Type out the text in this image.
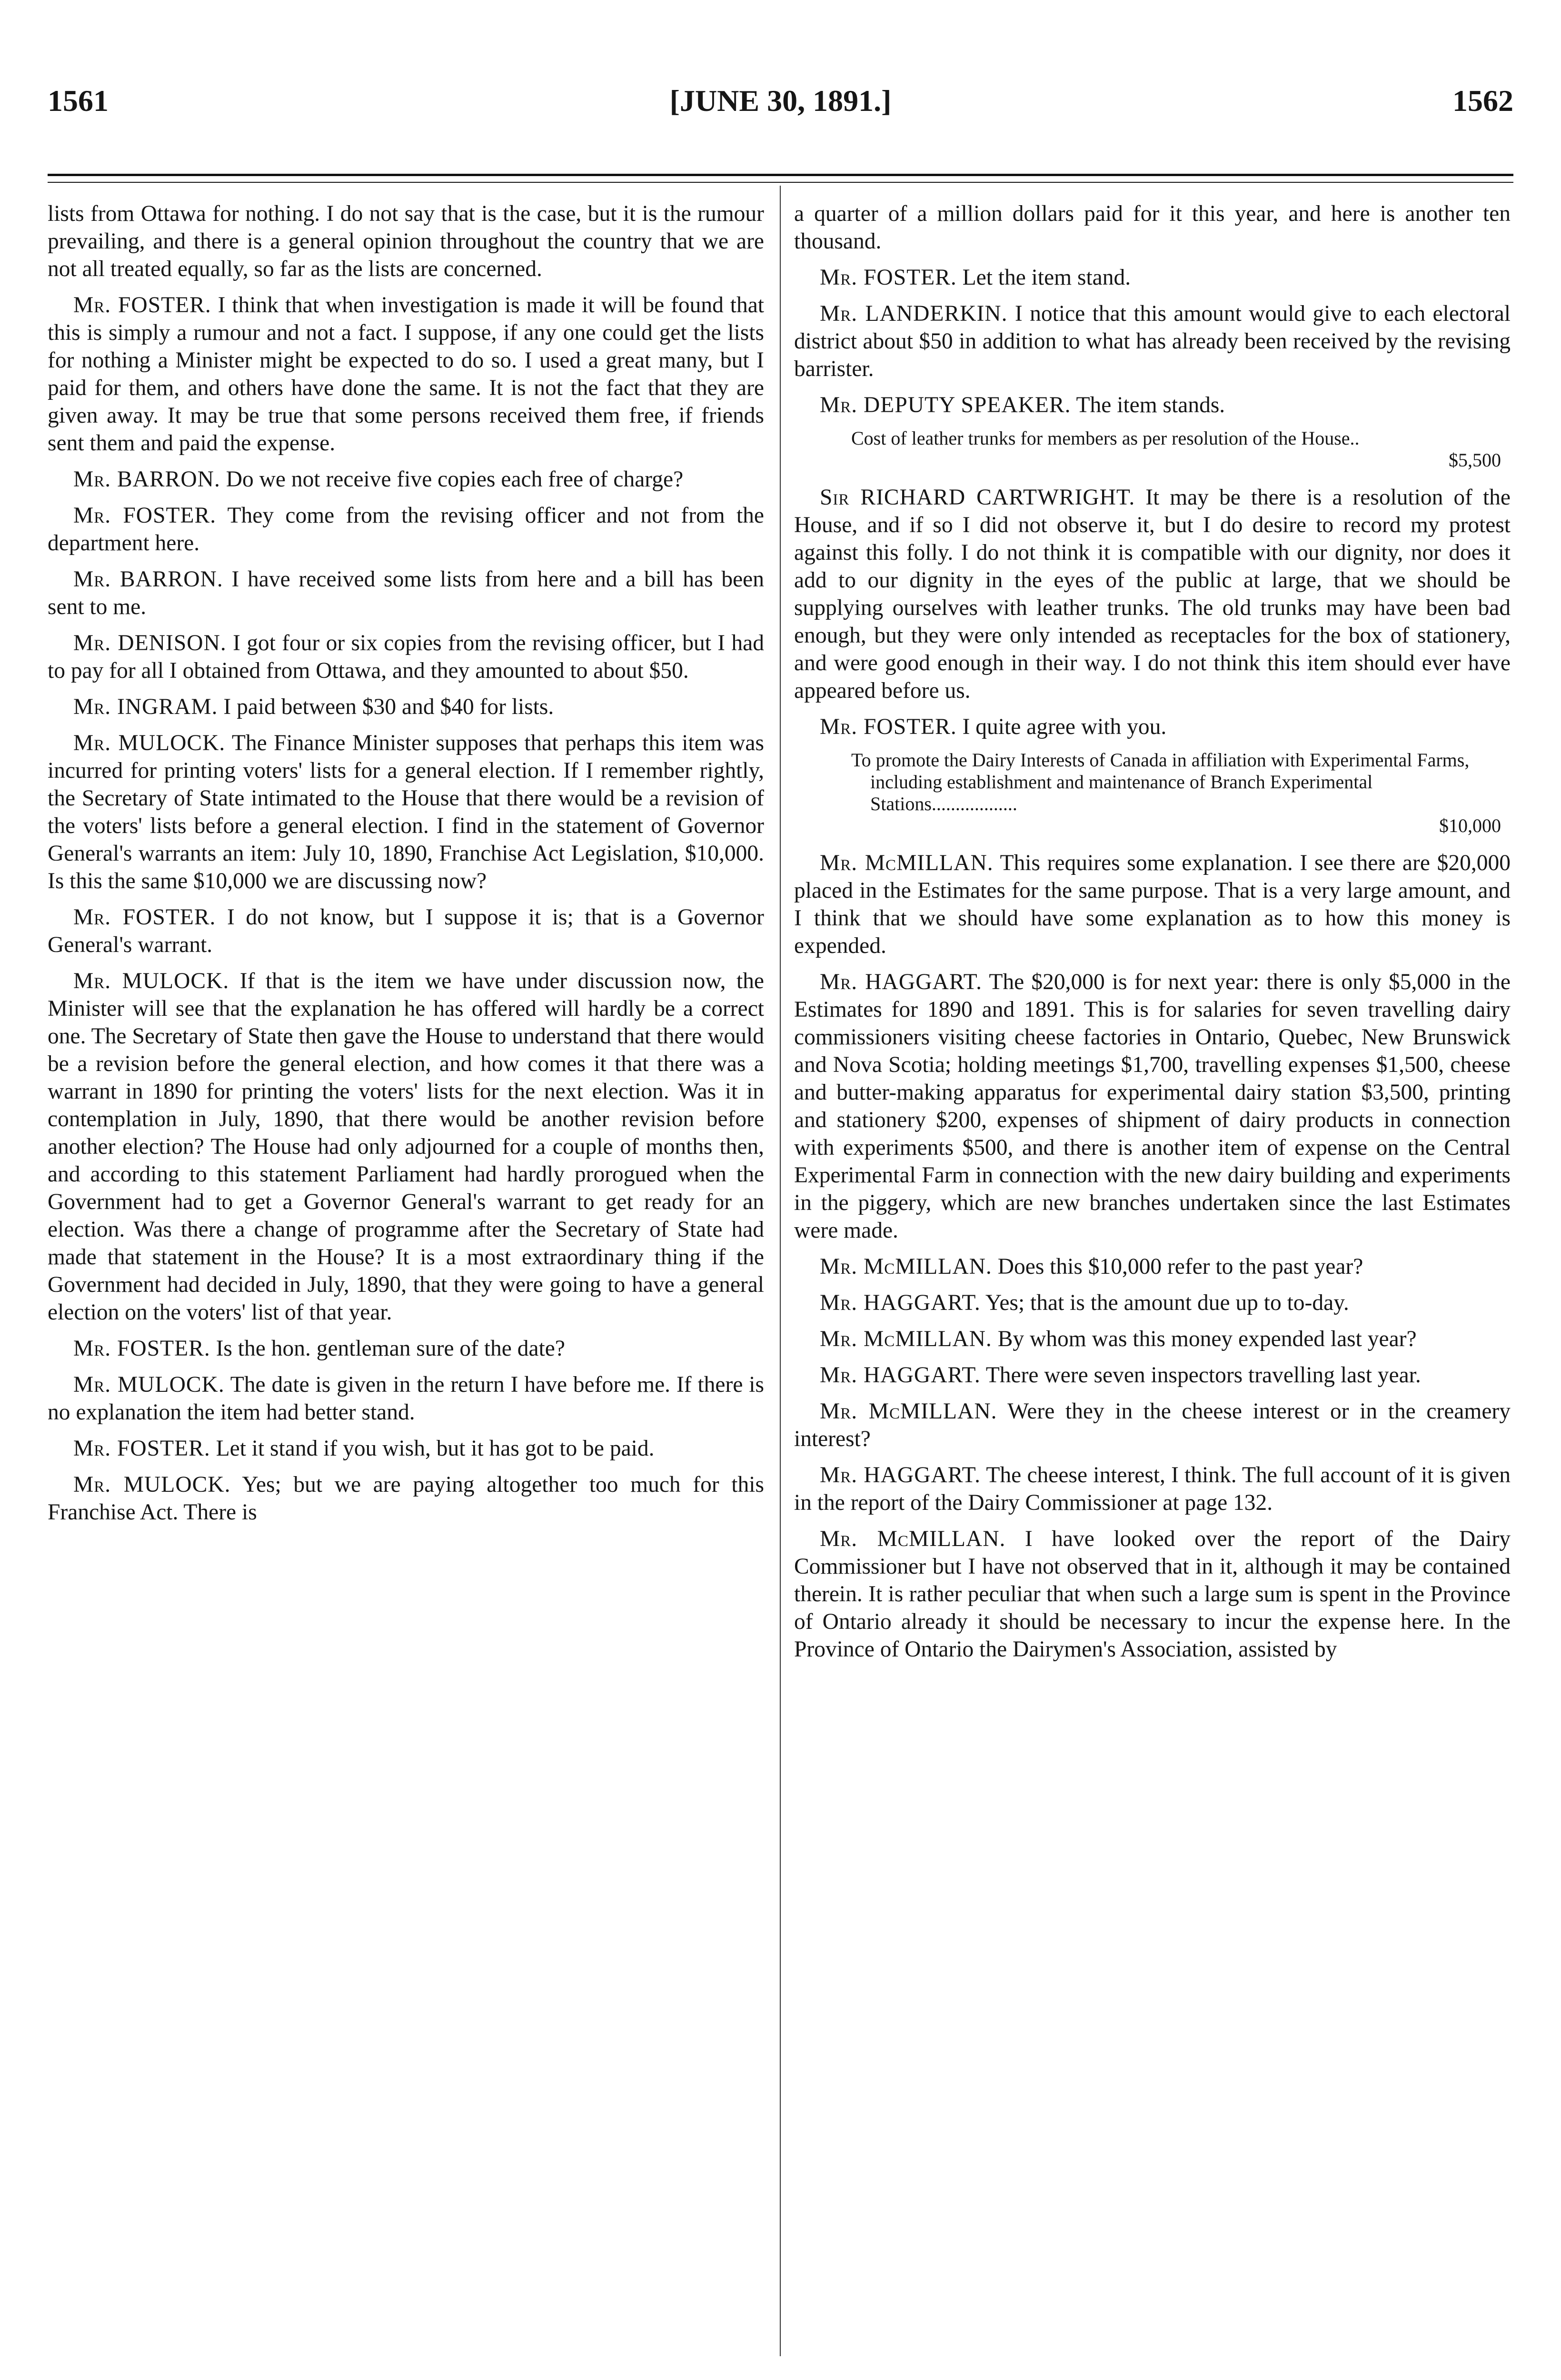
1561	[JUNE 30, 1891.]	1562

lists from Ottawa for nothing. I do not say that is the case, but it is the rumour prevailing, and there is a general opinion throughout the country that we are not all treated equally, so far as the lists are concerned.

Mr. FOSTER. I think that when investigation is made it will be found that this is simply a rumour and not a fact. I suppose, if any one could get the lists for nothing a Minister might be expected to do so. I used a great many, but I paid for them, and others have done the same. It is not the fact that they are given away. It may be true that some persons received them free, if friends sent them and paid the expense.

Mr. BARRON. Do we not receive five copies each free of charge?

Mr. FOSTER. They come from the revising officer and not from the department here.

Mr. BARRON. I have received some lists from here and a bill has been sent to me.

Mr. DENISON. I got four or six copies from the revising officer, but I had to pay for all I obtained from Ottawa, and they amounted to about $50.

Mr. INGRAM. I paid between $30 and $40 for lists.

Mr. MULOCK. The Finance Minister supposes that perhaps this item was incurred for printing voters' lists for a general election. If I remember rightly, the Secretary of State intimated to the House that there would be a revision of the voters' lists before a general election. I find in the statement of Governor General's warrants an item: July 10, 1890, Franchise Act Legislation, $10,000. Is this the same $10,000 we are discussing now?

Mr. FOSTER. I do not know, but I suppose it is; that is a Governor General's warrant.

Mr. MULOCK. If that is the item we have under discussion now, the Minister will see that the explanation he has offered will hardly be a correct one. The Secretary of State then gave the House to understand that there would be a revision before the general election, and how comes it that there was a warrant in 1890 for printing the voters' lists for the next election. Was it in contemplation in July, 1890, that there would be another revision before another election? The House had only adjourned for a couple of months then, and according to this statement Parliament had hardly prorogued when the Government had to get a Governor General's warrant to get ready for an election. Was there a change of programme after the Secretary of State had made that statement in the House? It is a most extraordinary thing if the Government had decided in July, 1890, that they were going to have a general election on the voters' list of that year.

Mr. FOSTER. Is the hon. gentleman sure of the date?

Mr. MULOCK. The date is given in the return I have before me. If there is no explanation the item had better stand.

Mr. FOSTER. Let it stand if you wish, but it has got to be paid.

Mr. MULOCK. Yes; but we are paying altogether too much for this Franchise Act. There is

a quarter of a million dollars paid for it this year, and here is another ten thousand.

Mr. FOSTER. Let the item stand.

Mr. LANDERKIN. I notice that this amount would give to each electoral district about $50 in addition to what has already been received by the revising barrister.

Mr. DEPUTY SPEAKER. The item stands.

Cost of leather trunks for members as per resolution of the House..
$5,500

Sir RICHARD CARTWRIGHT. It may be there is a resolution of the House, and if so I did not observe it, but I do desire to record my protest against this folly. I do not think it is compatible with our dignity, nor does it add to our dignity in the eyes of the public at large, that we should be supplying ourselves with leather trunks. The old trunks may have been bad enough, but they were only intended as receptacles for the box of stationery, and were good enough in their way. I do not think this item should ever have appeared before us.

Mr. FOSTER. I quite agree with you.

To promote the Dairy Interests of Canada in affiliation with Experimental Farms, including establishment and maintenance of Branch Experimental Stations..................
$10,000

Mr. McMILLAN. This requires some explanation. I see there are $20,000 placed in the Estimates for the same purpose. That is a very large amount, and I think that we should have some explanation as to how this money is expended.

Mr. HAGGART. The $20,000 is for next year: there is only $5,000 in the Estimates for 1890 and 1891. This is for salaries for seven travelling dairy commissioners visiting cheese factories in Ontario, Quebec, New Brunswick and Nova Scotia; holding meetings $1,700, travelling expenses $1,500, cheese and butter-making apparatus for experimental dairy station $3,500, printing and stationery $200, expenses of shipment of dairy products in connection with experiments $500, and there is another item of expense on the Central Experimental Farm in connection with the new dairy building and experiments in the piggery, which are new branches undertaken since the last Estimates were made.

Mr. McMILLAN. Does this $10,000 refer to the past year?

Mr. HAGGART. Yes; that is the amount due up to to-day.

Mr. McMILLAN. By whom was this money expended last year?

Mr. HAGGART. There were seven inspectors travelling last year.

Mr. McMILLAN. Were they in the cheese interest or in the creamery interest?

Mr. HAGGART. The cheese interest, I think. The full account of it is given in the report of the Dairy Commissioner at page 132.

Mr. McMILLAN. I have looked over the report of the Dairy Commissioner but I have not observed that in it, although it may be contained therein. It is rather peculiar that when such a large sum is spent in the Province of Ontario already it should be necessary to incur the expense here. In the Province of Ontario the Dairymen's Association, assisted by
